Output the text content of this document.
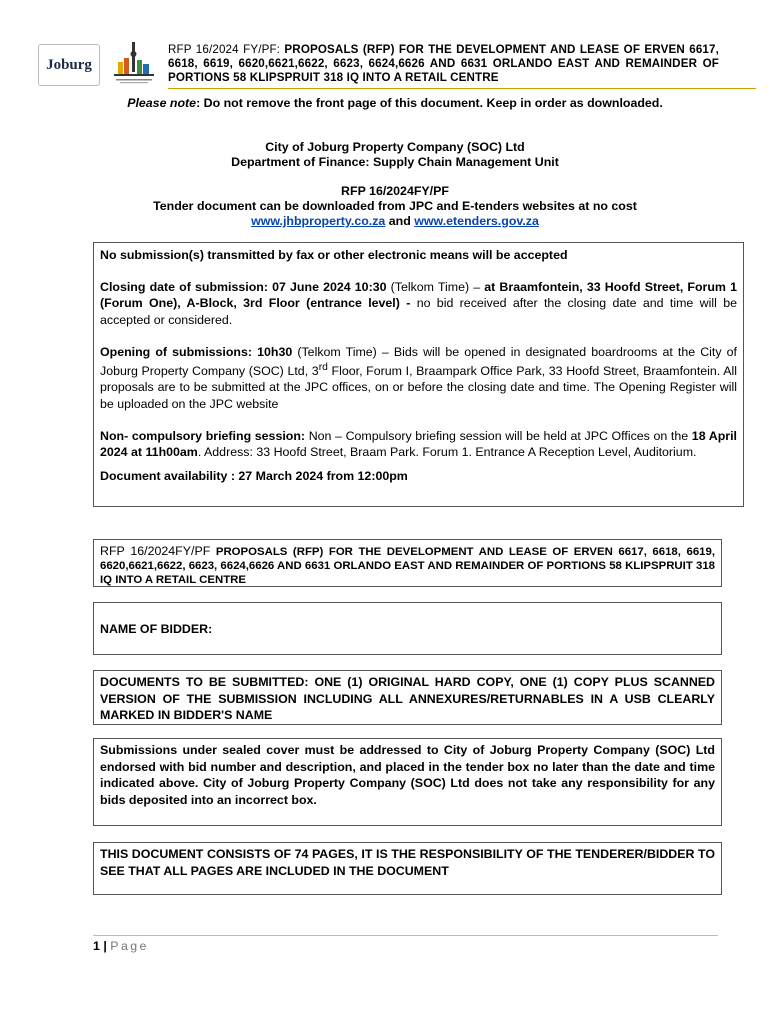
Joburg
RFP 16/2024 FY/PF: PROPOSALS (RFP) FOR THE DEVELOPMENT AND LEASE OF ERVEN 6617, 6618, 6619, 6620,6621,6622, 6623, 6624,6626 AND 6631 ORLANDO EAST AND REMAINDER OF PORTIONS 58 KLIPSPRUIT 318 IQ INTO A RETAIL CENTRE
Please note: Do not remove the front page of this document. Keep in order as downloaded.
City of Joburg Property Company (SOC) Ltd
Department of Finance: Supply Chain Management Unit
RFP 16/2024FY/PF
Tender document can be downloaded from JPC and E-tenders websites at no cost
www.jhbproperty.co.za and www.etenders.gov.za

No submission(s) transmitted by fax or other electronic means will be accepted

Closing date of submission: 07 June 2024 10:30 (Telkom Time) – at Braamfontein, 33 Hoofd Street, Forum 1 (Forum One), A-Block, 3rd Floor (entrance level) - no bid received after the closing date and time will be accepted or considered.

Opening of submissions: 10h30 (Telkom Time) – Bids will be opened in designated boardrooms at the City of Joburg Property Company (SOC) Ltd, 3rd Floor, Forum I, Braampark Office Park, 33 Hoofd Street, Braamfontein. All proposals are to be submitted at the JPC offices, on or before the closing date and time. The Opening Register will be uploaded on the JPC website

Non- compulsory briefing session: Non – Compulsory briefing session will be held at JPC Offices on the 18 April 2024 at 11h00am. Address: 33 Hoofd Street, Braam Park. Forum 1. Entrance A Reception Level, Auditorium.

Document availability : 27 March 2024 from 12:00pm

RFP 16/2024FY/PF PROPOSALS (RFP) FOR THE DEVELOPMENT AND LEASE OF ERVEN 6617, 6618, 6619, 6620,6621,6622, 6623, 6624,6626 AND 6631 ORLANDO EAST AND REMAINDER OF PORTIONS 58 KLIPSPRUIT 318 IQ INTO A RETAIL CENTRE
NAME OF BIDDER:
DOCUMENTS TO BE SUBMITTED: ONE (1) ORIGINAL HARD COPY, ONE (1) COPY PLUS SCANNED VERSION OF THE SUBMISSION INCLUDING ALL ANNEXURES/RETURNABLES IN A USB CLEARLY MARKED IN BIDDER'S NAME
Submissions under sealed cover must be addressed to City of Joburg Property Company (SOC) Ltd endorsed with bid number and description, and placed in the tender box no later than the date and time indicated above. City of Joburg Property Company (SOC) Ltd does not take any responsibility for any bids deposited into an incorrect box.
THIS DOCUMENT CONSISTS OF 74 PAGES, IT IS THE RESPONSIBILITY OF THE TENDERER/BIDDER TO SEE THAT ALL PAGES ARE INCLUDED IN THE DOCUMENT
1 | Page
